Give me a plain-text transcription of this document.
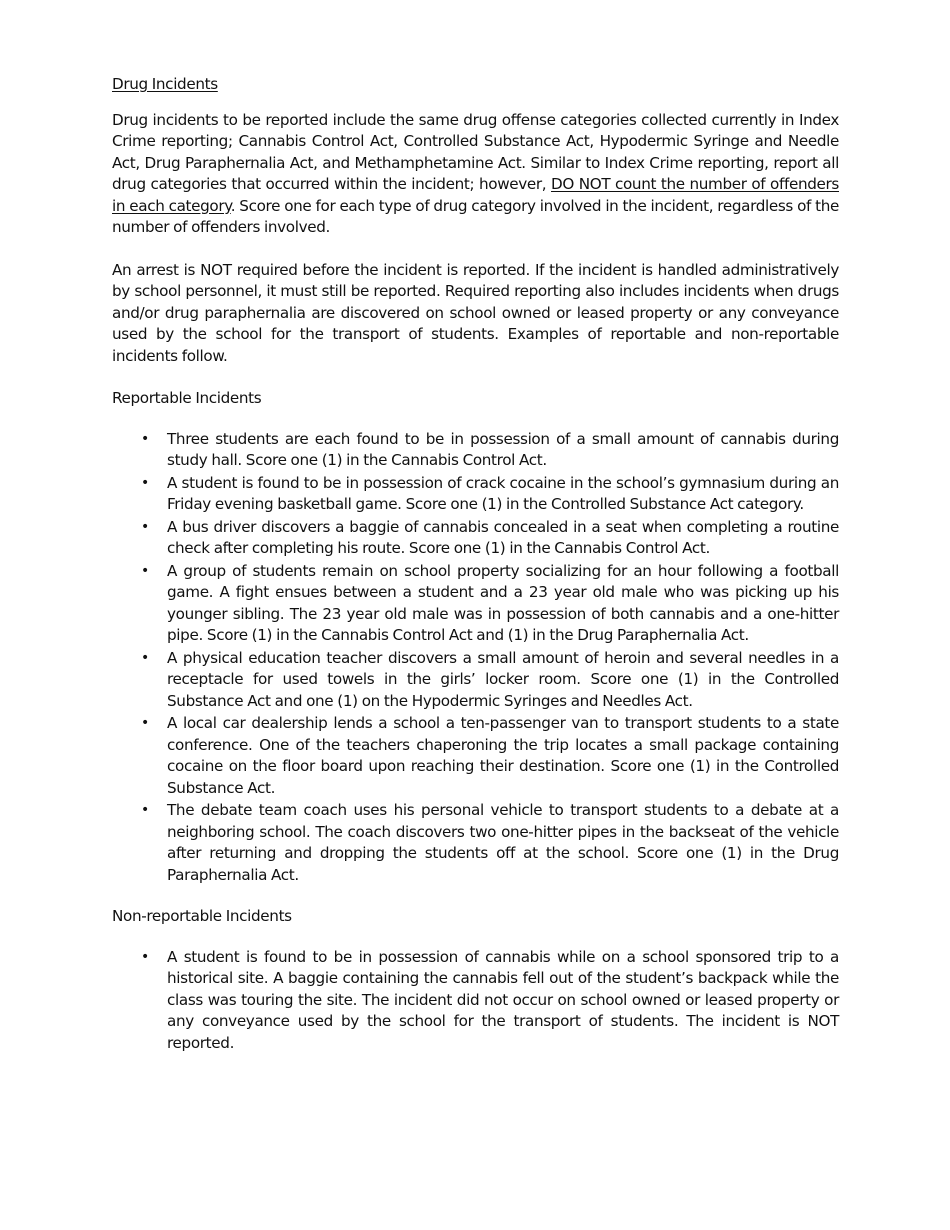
Drug Incidents

Drug incidents to be reported include the same drug offense categories collected currently in Index Crime reporting; Cannabis Control Act, Controlled Substance Act, Hypodermic Syringe and Needle Act, Drug Paraphernalia Act, and Methamphetamine Act. Similar to Index Crime reporting, report all drug categories that occurred within the incident; however, DO NOT count the number of offenders in each category. Score one for each type of drug category involved in the incident, regardless of the number of offenders involved.

An arrest is NOT required before the incident is reported. If the incident is handled administratively by school personnel, it must still be reported. Required reporting also includes incidents when drugs and/or drug paraphernalia are discovered on school owned or leased property or any conveyance used by the school for the transport of students. Examples of reportable and non-reportable incidents follow.

Reportable Incidents
• Three students are each found to be in possession of a small amount of cannabis during study hall. Score one (1) in the Cannabis Control Act.
• A student is found to be in possession of crack cocaine in the school’s gymnasium during an Friday evening basketball game. Score one (1) in the Controlled Substance Act category.
• A bus driver discovers a baggie of cannabis concealed in a seat when completing a routine check after completing his route. Score one (1) in the Cannabis Control Act.
• A group of students remain on school property socializing for an hour following a football game. A fight ensues between a student and a 23 year old male who was picking up his younger sibling. The 23 year old male was in possession of both cannabis and a one-hitter pipe. Score (1) in the Cannabis Control Act and (1) in the Drug Paraphernalia Act.
• A physical education teacher discovers a small amount of heroin and several needles in a receptacle for used towels in the girls’ locker room. Score one (1) in the Controlled Substance Act and one (1) on the Hypodermic Syringes and Needles Act.
• A local car dealership lends a school a ten-passenger van to transport students to a state conference. One of the teachers chaperoning the trip locates a small package containing cocaine on the floor board upon reaching their destination. Score one (1) in the Controlled Substance Act.
• The debate team coach uses his personal vehicle to transport students to a debate at a neighboring school. The coach discovers two one-hitter pipes in the backseat of the vehicle after returning and dropping the students off at the school. Score one (1) in the Drug Paraphernalia Act.
Non-reportable Incidents
• A student is found to be in possession of cannabis while on a school sponsored trip to a historical site. A baggie containing the cannabis fell out of the student’s backpack while the class was touring the site. The incident did not occur on school owned or leased property or any conveyance used by the school for the transport of students. The incident is NOT reported.
